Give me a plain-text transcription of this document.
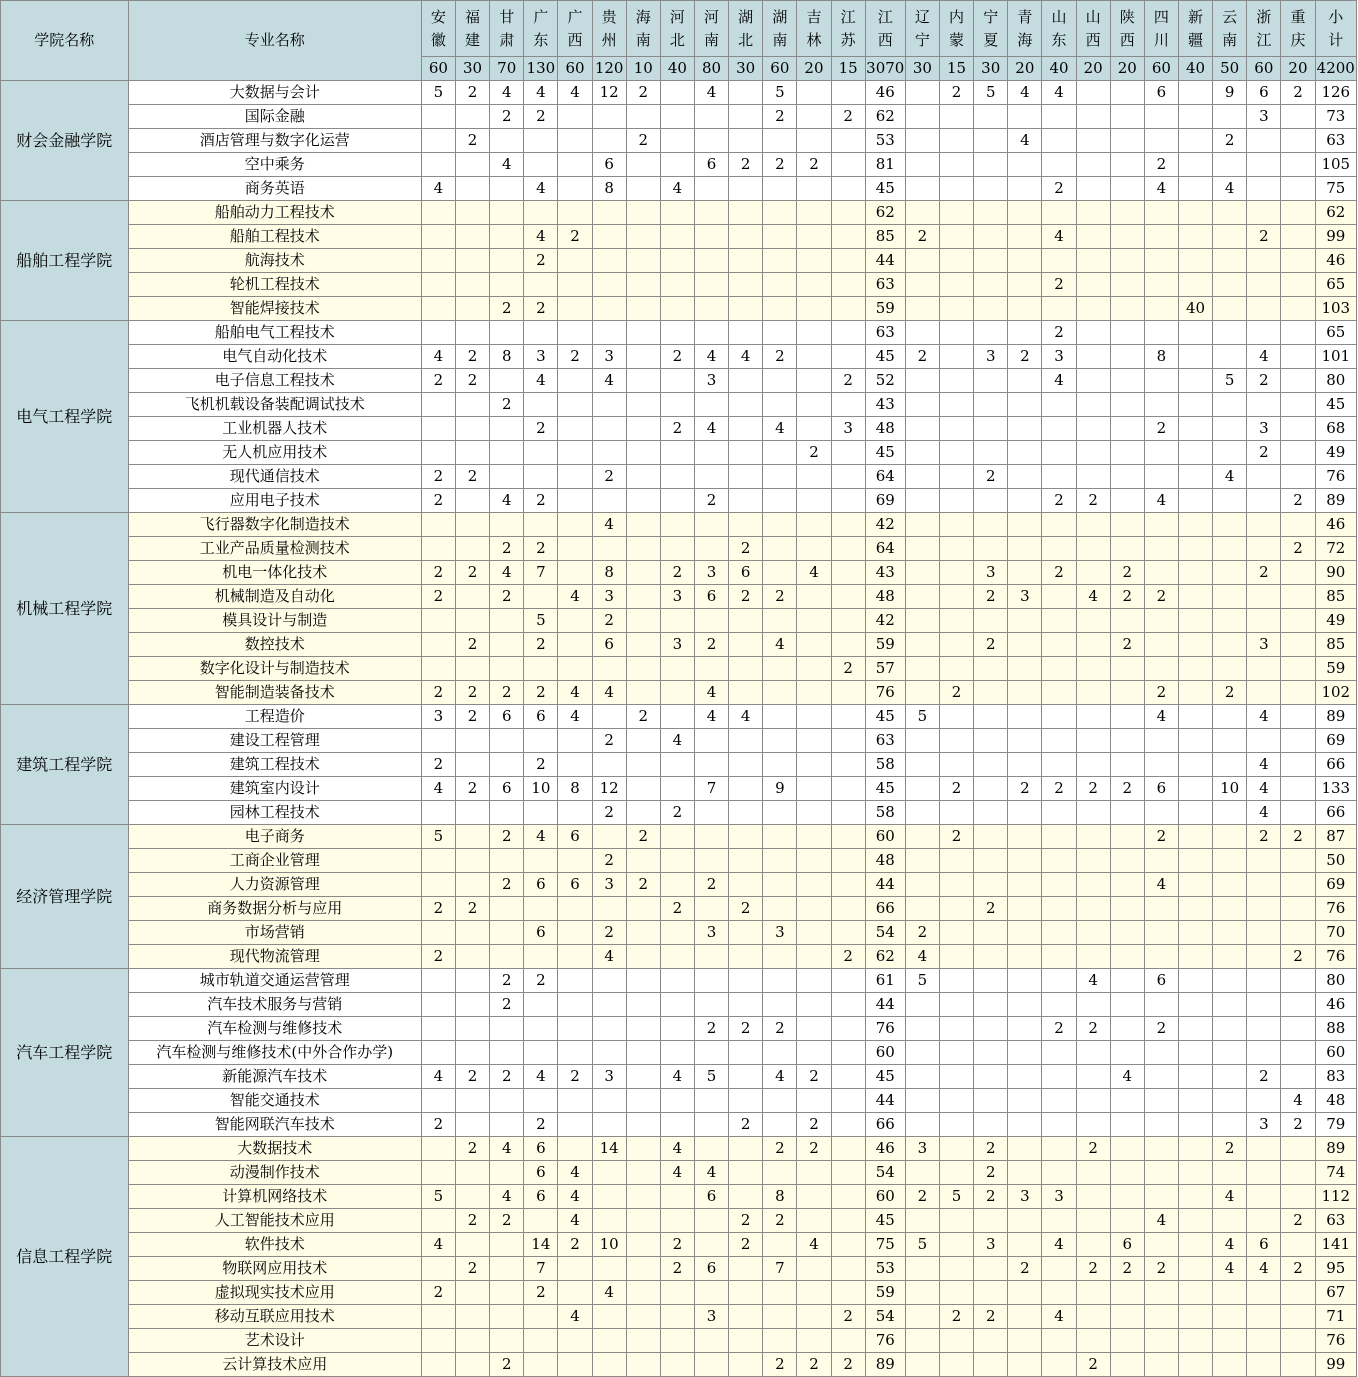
学院名称	专业名称	安徽	福建	甘肃	广东	广西	贵州	海南	河北	河南	湖北	湖南	吉林	江苏	江西	辽宁	内蒙	宁夏	青海	山东	山西	陕西	四川	新疆	云南	浙江	重庆	小计
		60	30	70	130	60	120	10	40	80	30	60	20	15	3070	30	15	30	20	40	20	20	60	40	50	60	20	4200
财会金融学院	大数据与会计	5	2	4	4	4	12	2		4		5			46		2	5	4	4			6		9	6	2	126
	国际金融			2	2							2		2	62											3		73
	酒店管理与数字化运营		2					2							53				4						2			63
	空中乘务			4			6			6	2	2	2		81								2					105
	商务英语	4			4		8		4						45					2			4		4			75
船舶工程学院	船舶动力工程技术														62													62
	船舶工程技术				4	2									85	2				4						2		99
	航海技术				2										44													46
	轮机工程技术														63					2								65
	智能焊接技术			2	2										59									40				103
电气工程学院	船舶电气工程技术														63					2								65
	电气自动化技术	4	2	8	3	2	3		2	4	4	2			45	2		3	2	3			8			4		101
	电子信息工程技术	2	2		4		4			3				2	52					4					5	2		80
	飞机机载设备装配调试技术			2											43													45
	工业机器人技术				2				2	4		4		3	48								2			3		68
	无人机应用技术												2		45											2		49
	现代通信技术	2	2				2								64			2							4			76
	应用电子技术	2		4	2					2					69					2	2		4				2	89
机械工程学院	飞行器数字化制造技术						4								42													46
	工业产品质量检测技术			2	2						2				64												2	72
	机电一体化技术	2	2	4	7		8		2	3	6		4		43			3		2		2				2		90
	机械制造及自动化	2		2		4	3		3	6	2	2			48			2	3		4	2	2					85
	模具设计与制造				5		2								42													49
	数控技术		2		2		6		3	2		4			59			2				2				3		85
	数字化设计与制造技术													2	57													59
	智能制造装备技术	2	2	2	2	4	4			4					76		2						2		2			102
建筑工程学院	工程造价	3	2	6	6	4		2		4	4				45	5							4			4		89
	建设工程管理						2		4						63													69
	建筑工程技术	2			2										58											4		66
	建筑室内设计	4	2	6	10	8	12			7		9			45		2		2	2	2	2	6		10	4		133
	园林工程技术						2		2						58											4		66
经济管理学院	电子商务	5		2	4	6		2							60		2						2			2	2	87
	工商企业管理						2								48													50
	人力资源管理			2	6	6	3	2		2					44								4					69
	商务数据分析与应用	2	2						2		2				66			2										76
	市场营销				6		2			3		3			54	2												70
	现代物流管理	2					4							2	62	4											2	76
汽车工程学院	城市轨道交通运营管理			2	2										61	5					4		6					80
	汽车技术服务与营销			2											44													46
	汽车检测与维修技术									2	2	2			76					2	2		2					88
	汽车检测与维修技术(中外合作办学)														60													60
	新能源汽车技术	4	2	2	4	2	3		4	5		4	2		45							4				2		83
	智能交通技术														44												4	48
	智能网联汽车技术	2			2						2		2		66											3	2	79
信息工程学院	大数据技术		2	4	6		14		4			2	2		46	3		2			2				2			89
	动漫制作技术				6	4			4	4					54			2										74
	计算机网络技术	5		4	6	4				6		8			60	2	5	2	3	3					4			112
	人工智能技术应用		2	2		4					2	2			45								4				2	63
	软件技术	4			14	2	10		2		2		4		75	5		3		4		6			4	6		141
	物联网应用技术		2		7				2	6		7			53				2		2	2	2		4	4	2	95
	虚拟现实技术应用	2			2		4								59													67
	移动互联应用技术					4				3				2	54		2	2		4								71
	艺术设计														76													76
	云计算技术应用			2								2	2	2	89						2							99
